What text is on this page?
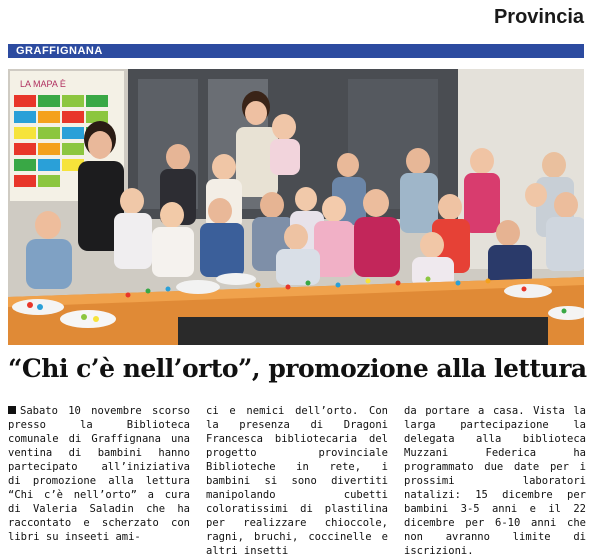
Provincia
GRAFFIGNANA
LA MAPA È
“Chi c’è nell’orto”, promozione alla lettura

Sabato 10 novembre scorso presso la Biblioteca comunale di Graffignana una ventina di bambini hanno partecipato all’iniziativa di promozione alla lettura “Chi c’è nell’orto” a cura di Valeria Saladin che ha raccontato e scherzato con libri su inseeti ami-

ci e nemici dell’orto. Con la presenza di Dragoni Francesca bibliotecaria del progetto provinciale Biblioteche in rete, i bambini si sono divertiti manipolando cubetti coloratissimi di plastilina per realizzare chioccole, ragni, bruchi, coccinelle e altri insetti

da portare a casa. Vista la larga partecipazione la delegata alla biblioteca Muzzani Federica ha programmato due date per i prossimi laboratori natalizi: 15 dicembre per bambini 3-5 anni e il 22 dicembre per 6-10 anni che non avranno limite di iscrizioni.
